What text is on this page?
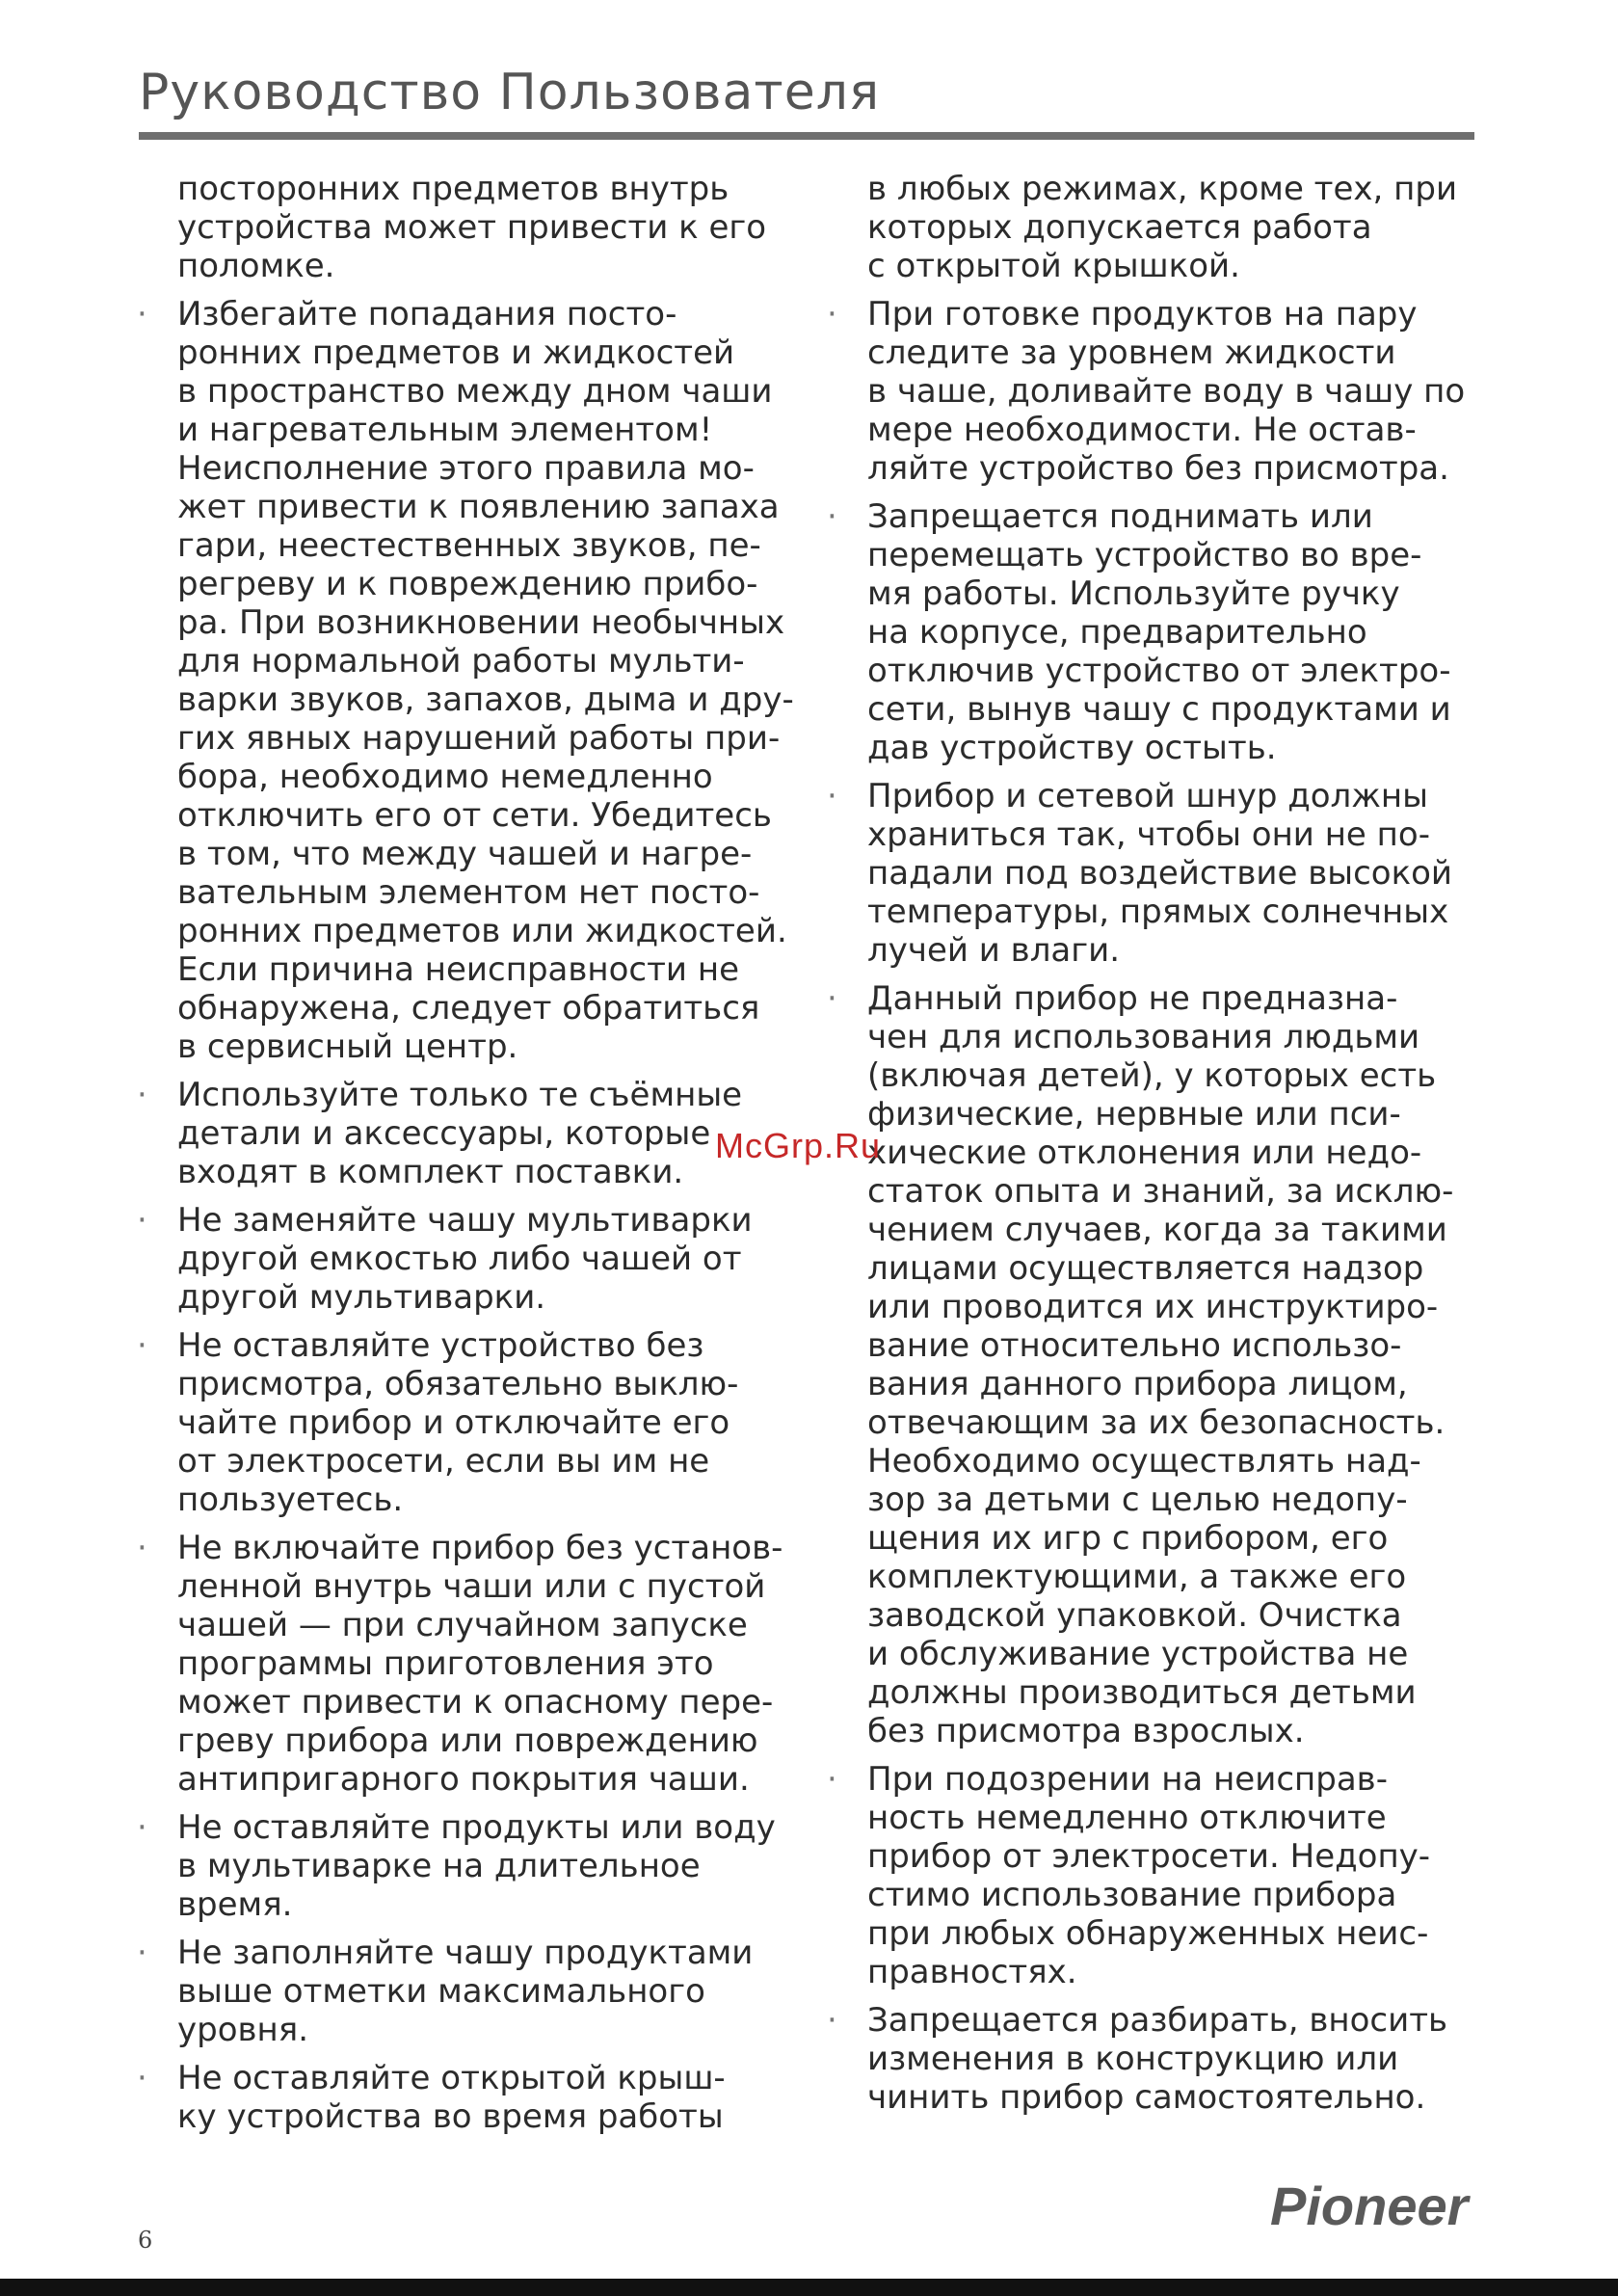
Руководство Пользователя
посторонних предметов внутрь
устройства может привести к его
поломке.
· Избегайте попадания посто-
ронних предметов и жидкостей
в пространство между дном чаши
и нагревательным элементом!
Неисполнение этого правила мо-
жет привести к появлению запаха
гари, неестественных звуков, пе-
регреву и к повреждению прибо-
ра. При возникновении необычных
для нормальной работы мульти-
варки звуков, запахов, дыма и дру-
гих явных нарушений работы при-
бора, необходимо немедленно
отключить его от сети. Убедитесь
в том, что между чашей и нагре-
вательным элементом нет посто-
ронних предметов или жидкостей.
Если причина неисправности не
обнаружена, следует обратиться
в сервисный центр.
· Используйте только те съёмные
детали и аксессуары, которые
входят в комплект поставки.
· Не заменяйте чашу мультиварки
другой емкостью либо чашей от
другой мультиварки.
· Не оставляйте устройство без
присмотра, обязательно выклю-
чайте прибор и отключайте его
от электросети, если вы им не
пользуетесь.
· Не включайте прибор без установ-
ленной внутрь чаши или с пустой
чашей — при случайном запуске
программы приготовления это
может привести к опасному пере-
греву прибора или повреждению
антипригарного покрытия чаши.
· Не оставляйте продукты или воду
в мультиварке на длительное
время.
· Не заполняйте чашу продуктами
выше отметки максимального
уровня.
· Не оставляйте открытой крыш-
ку устройства во время работы
в любых режимах, кроме тех, при
которых допускается работа
с открытой крышкой.
· При готовке продуктов на пару
следите за уровнем жидкости
в чаше, доливайте воду в чашу по
мере необходимости. Не остав-
ляйте устройство без присмотра.
· Запрещается поднимать или
перемещать устройство во вре-
мя работы. Используйте ручку
на корпусе, предварительно
отключив устройство от электро-
сети, вынув чашу с продуктами и
дав устройству остыть.
· Прибор и сетевой шнур должны
храниться так, чтобы они не по-
падали под воздействие высокой
температуры, прямых солнечных
лучей и влаги.
· Данный прибор не предназна-
чен для использования людьми
(включая детей), у которых есть
физические, нервные или пси-
хические отклонения или недо-
статок опыта и знаний, за исклю-
чением случаев, когда за такими
лицами осуществляется надзор
или проводится их инструктиро-
вание относительно использо-
вания данного прибора лицом,
отвечающим за их безопасность.
Необходимо осуществлять над-
зор за детьми с целью недопу-
щения их игр с прибором, его
комплектующими, а также его
заводской упаковкой. Очистка
и обслуживание устройства не
должны производиться детьми
без присмотра взрослых.
· При подозрении на неисправ-
ность немедленно отключите
прибор от электросети. Недопу-
стимо использование прибора
при любых обнаруженных неис-
правностях.
· Запрещается разбирать, вносить
изменения в конструкцию или
чинить прибор самостоятельно.
McGrp.Ru
6
Pioneer
